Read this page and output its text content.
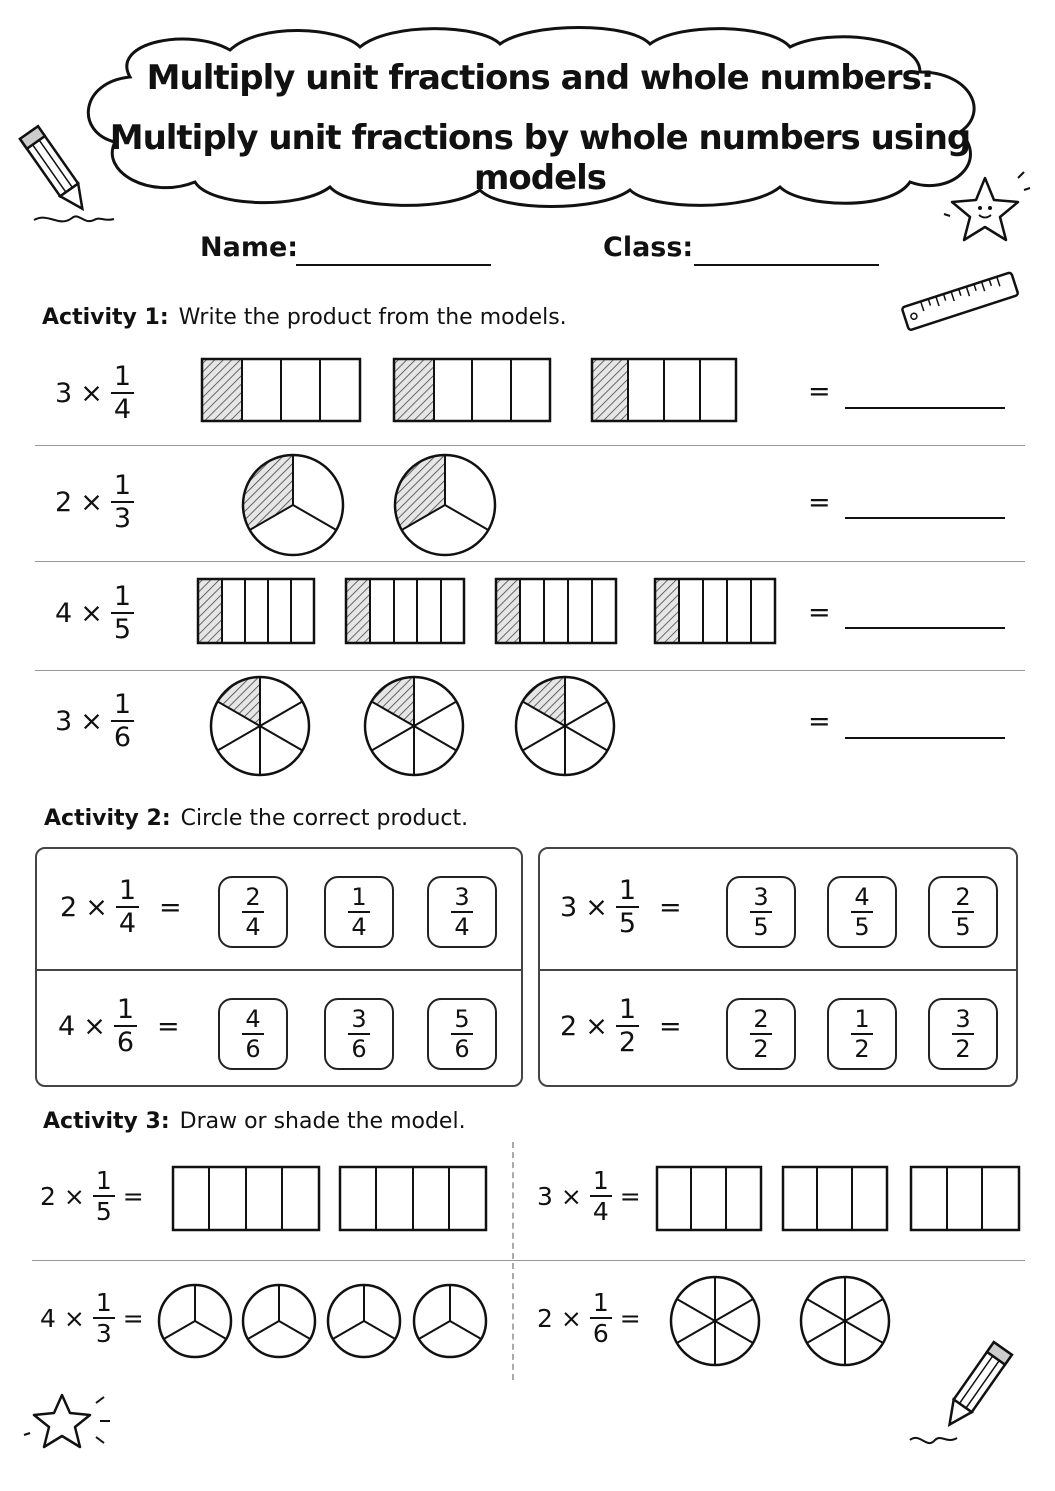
Multiply unit fractions and whole numbers:
Multiply unit fractions by whole numbers using models
Name:	Class:
Activity 1: Write the product from the models.
$3 \times \frac{1}{4}$	=
$2 \times \frac{1}{3}$	=
$4 \times \frac{1}{5}$	=
$3 \times \frac{1}{6}$	=
Activity 2: Circle the correct product.
$2 \times \frac{1}{4}$ =	$\frac{2}{4}$	$\frac{1}{4}$	$\frac{3}{4}$	$3 \times \frac{1}{5}$ =	$\frac{3}{5}$	$\frac{4}{5}$	$\frac{2}{5}$
$4 \times \frac{1}{6}$ =	$\frac{4}{6}$	$\frac{3}{6}$	$\frac{5}{6}$	$2 \times \frac{1}{2}$ =	$\frac{2}{2}$	$\frac{1}{2}$	$\frac{3}{2}$
Activity 3: Draw or shade the model.
$2 \times \frac{1}{5}$ =	$3 \times \frac{1}{4}$ =
$4 \times \frac{1}{3}$ =	$2 \times \frac{1}{6}$ =
